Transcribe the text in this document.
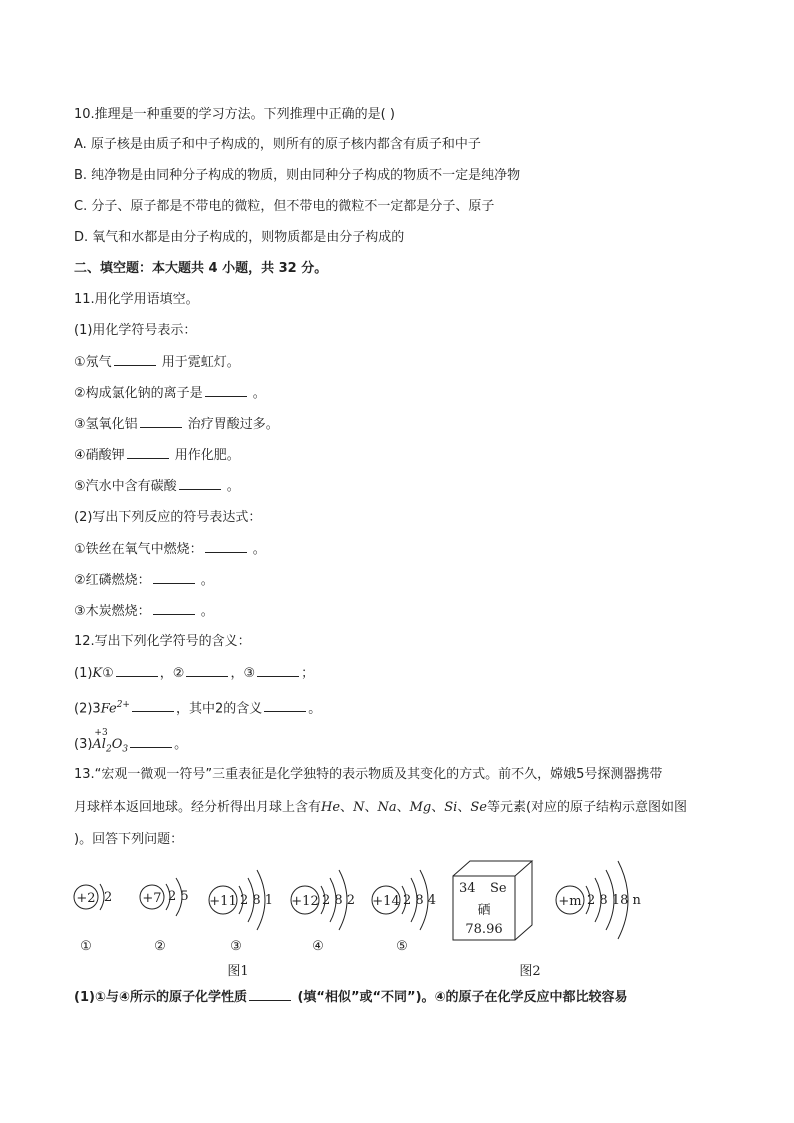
10.推理是一种重要的学习方法。下列推理中正确的是( )
A. 原子核是由质子和中子构成的，则所有的原子核内都含有质子和中子
B. 纯净物是由同种分子构成的物质，则由同种分子构成的物质不一定是纯净物
C. 分子、原子都是不带电的微粒，但不带电的微粒不一定都是分子、原子
D. 氧气和水都是由分子构成的，则物质都是由分子构成的
二、填空题：本大题共 4 小题，共 32 分。
11.用化学用语填空。
(1)用化学符号表示：
①氖气	用于霓虹灯。
②构成氯化钠的离子是	。
③氢氧化铝	治疗胃酸过多。
④硝酸钾	用作化肥。
⑤汽水中含有碳酸	。
(2)写出下列反应的符号表达式：
①铁丝在氧气中燃烧：	。
②红磷燃烧：	。
③木炭燃烧：	。
12.写出下列化学符号的含义：
(1)K①	，②	，③	；
$(2)3Fe^{2+}$	，其中2的含义	。
(3)
+3
$Al_2O_3$	。
13.“宏观一微观一符号”三重表征是化学独特的表示物质及其变化的方式。前不久，嫦娥5号探测器携带
月球样本返回地球。经分析得出月球上含有He、N、Na、Mg、Si、Se等元素(对应的原子结构示意图如图
)。回答下列问题：
+2 2 +7 2 5 +11 2 8 1 +12 2 8 2 +14 2 8 4
34 Se
硒
78.96
+m 2 8 18 n
①	②	③	④	⑤
图1	图2
(1)①与④所示的原子化学性质	(填“相似”或“不同”)。④的原子在化学反应中都比较容易
